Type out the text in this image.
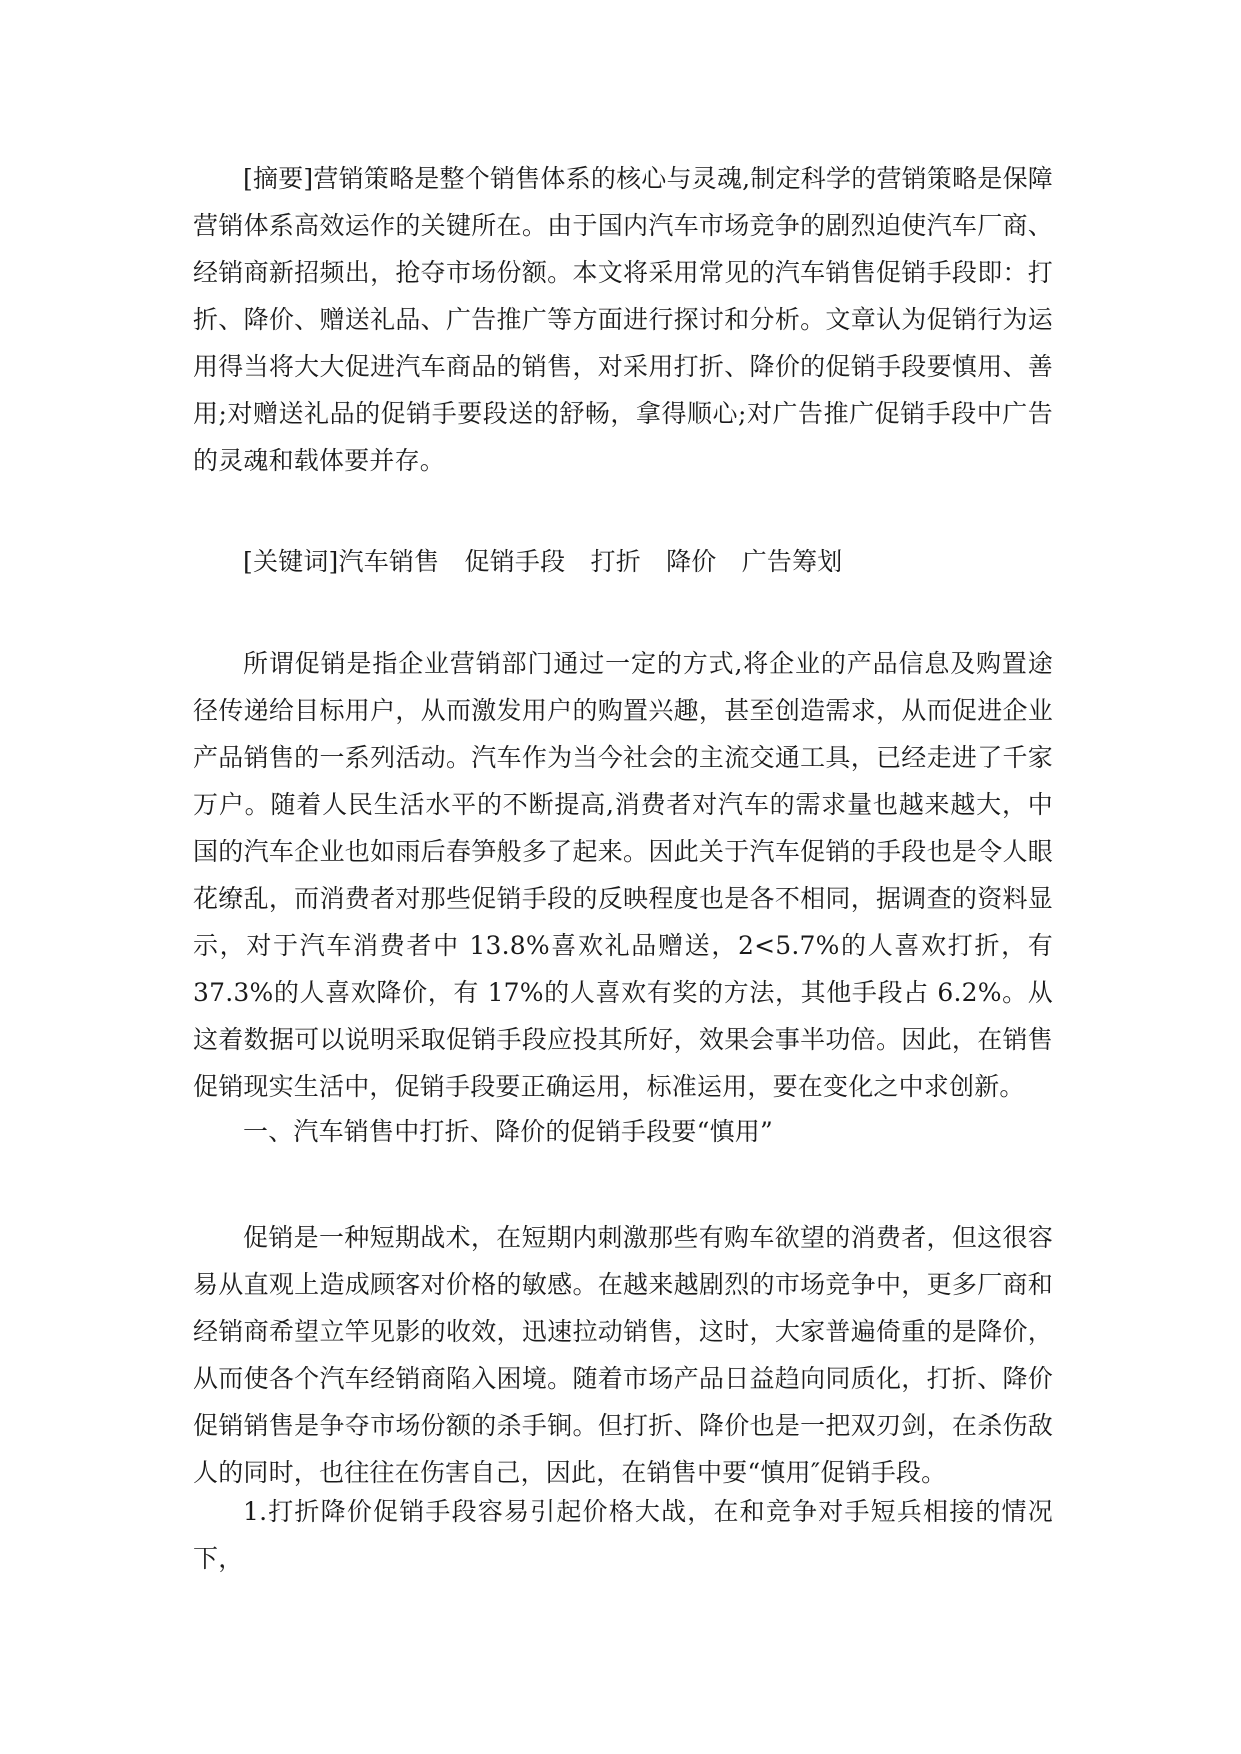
[摘要]营销策略是整个销售体系的核心与灵魂,制定科学的营销策略是保障营销体系高效运作的关键所在。由于国内汽车市场竞争的剧烈迫使汽车厂商、经销商新招频出，抢夺市场份额。本文将采用常见的汽车销售促销手段即：打折、降价、赠送礼品、广告推广等方面进行探讨和分析。文章认为促销行为运用得当将大大促进汽车商品的销售，对采用打折、降价的促销手段要慎用、善用;对赠送礼品的促销手要段送的舒畅，拿得顺心;对广告推广促销手段中广告的灵魂和载体要并存。

[关键词]汽车销售　促销手段　打折　降价　广告筹划

所谓促销是指企业营销部门通过一定的方式,将企业的产品信息及购置途径传递给目标用户，从而激发用户的购置兴趣，甚至创造需求，从而促进企业产品销售的一系列活动。汽车作为当今社会的主流交通工具，已经走进了千家万户。随着人民生活水平的不断提高,消费者对汽车的需求量也越来越大，中国的汽车企业也如雨后春笋般多了起来。因此关于汽车促销的手段也是令人眼花缭乱，而消费者对那些促销手段的反映程度也是各不相同，据调查的资料显示，对于汽车消费者中 13.8%喜欢礼品赠送，2<5.7%的人喜欢打折，有 37.3%的人喜欢降价，有 17%的人喜欢有奖的方法，其他手段占 6.2%。从这着数据可以说明采取促销手段应投其所好，效果会事半功倍。因此，在销售促销现实生活中，促销手段要正确运用，标准运用，要在变化之中求创新。

一、汽车销售中打折、降价的促销手段要“慎用”

促销是一种短期战术，在短期内刺激那些有购车欲望的消费者，但这很容易从直观上造成顾客对价格的敏感。在越来越剧烈的市场竞争中，更多厂商和经销商希望立竿见影的收效，迅速拉动销售，这时，大家普遍倚重的是降价，从而使各个汽车经销商陷入困境。随着市场产品日益趋向同质化，打折、降价促销销售是争夺市场份额的杀手锏。但打折、降价也是一把双刃剑，在杀伤敌人的同时，也往往在伤害自己，因此，在销售中要“慎用″促销手段。

1.打折降价促销手段容易引起价格大战，在和竞争对手短兵相接的情况下，
